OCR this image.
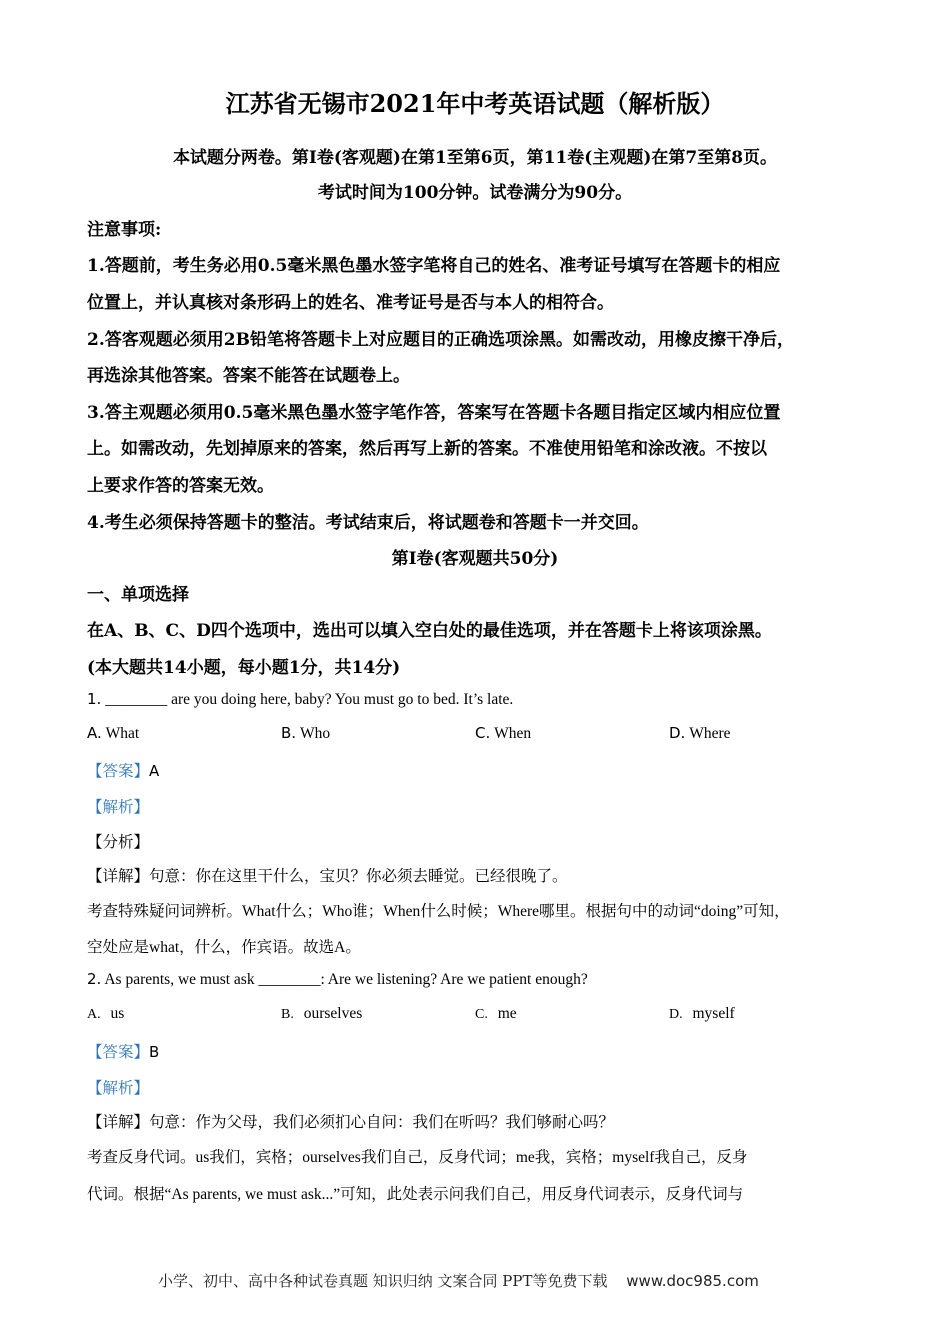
江苏省无锡市2021年中考英语试题（解析版）
本试题分两卷。第I卷(客观题)在第1至第6页，第11卷(主观题)在第7至第8页。
考试时间为100分钟。试卷满分为90分。
注意事项:
1.答题前，考生务必用0.5毫米黑色墨水签字笔将自己的姓名、准考证号填写在答题卡的相应
位置上，并认真核对条形码上的姓名、准考证号是否与本人的相符合。
2.答客观题必须用2B铅笔将答题卡上对应题目的正确选项涂黑。如需改动，用橡皮擦干净后，
再选涂其他答案。答案不能答在试题卷上。
3.答主观题必须用0.5毫米黑色墨水签字笔作答，答案写在答题卡各题目指定区域内相应位置
上。如需改动，先划掉原来的答案，然后再写上新的答案。不准使用铅笔和涂改液。不按以
上要求作答的答案无效。
4.考生必须保持答题卡的整洁。考试结束后，将试题卷和答题卡一并交回。
第I卷(客观题共50分)
一、单项选择
在A、B、C、D四个选项中，选出可以填入空白处的最佳选项，并在答题卡上将该项涂黑。
(本大题共14小题，每小题1分，共14分)
1. ________ are you doing here, baby? You must go to bed. It’s late.
A. What	B. Who	C. When	D. Where
【答案】A
【解析】
【分析】
【详解】句意：你在这里干什么，宝贝？你必须去睡觉。已经很晚了。
考查特殊疑问词辨析。What什么；Who谁；When什么时候；Where哪里。根据句中的动词“doing”可知，
空处应是what，什么，作宾语。故选A。
2. As parents, we must ask ________: Are we listening? Are we patient enough?
A. us	B. ourselves	C. me	D. myself
【答案】B
【解析】
【详解】句意：作为父母，我们必须扪心自问：我们在听吗？我们够耐心吗？
考查反身代词。us我们，宾格；ourselves我们自己，反身代词；me我，宾格；myself我自己，反身
代词。根据“As parents, we must ask...”可知，此处表示问我们自己，用反身代词表示，反身代词与
小学、初中、高中各种试卷真题 知识归纳 文案合同 PPT等免费下载 www.doc985.com
